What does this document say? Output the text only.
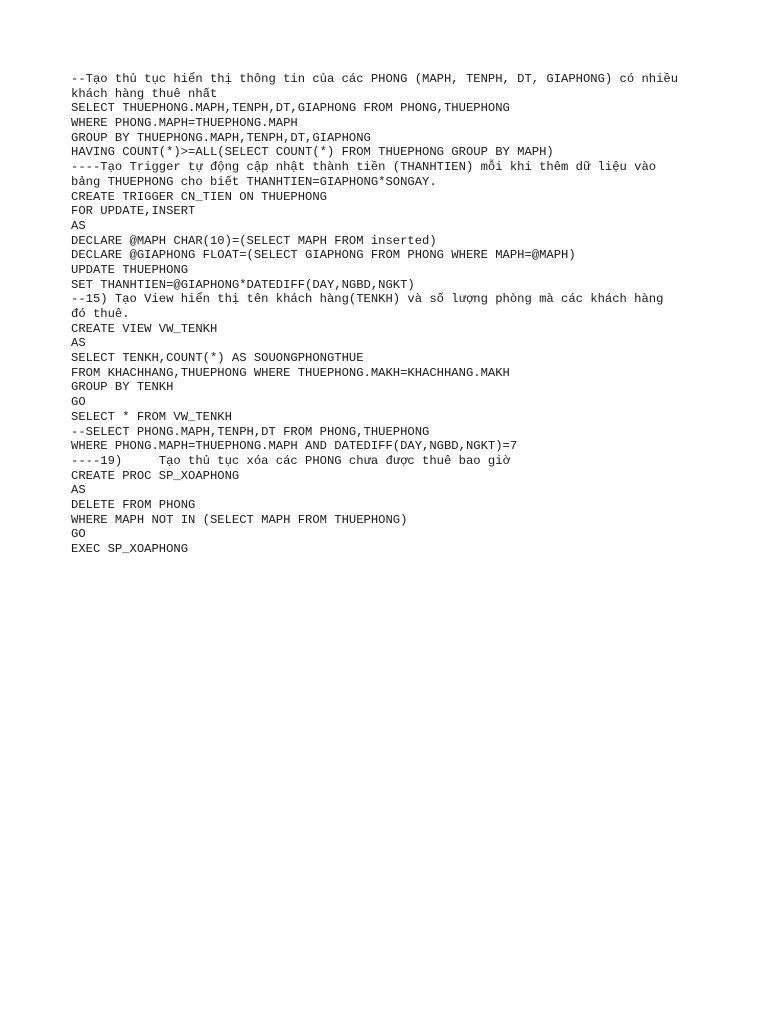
--Tạo thủ tục hiển thị thông tin của các PHONG (MAPH, TENPH, DT, GIAPHONG) có nhiều
khách hàng thuê nhất
SELECT THUEPHONG.MAPH,TENPH,DT,GIAPHONG FROM PHONG,THUEPHONG
WHERE PHONG.MAPH=THUEPHONG.MAPH
GROUP BY THUEPHONG.MAPH,TENPH,DT,GIAPHONG
HAVING COUNT(*)>=ALL(SELECT COUNT(*) FROM THUEPHONG GROUP BY MAPH)
----Tạo Trigger tự động cập nhật thành tiền (THANHTIEN) mỗi khi thêm dữ liệu vào
bảng THUEPHONG cho biết THANHTIEN=GIAPHONG*SONGAY.
CREATE TRIGGER CN_TIEN ON THUEPHONG
FOR UPDATE,INSERT
AS
DECLARE @MAPH CHAR(10)=(SELECT MAPH FROM inserted)
DECLARE @GIAPHONG FLOAT=(SELECT GIAPHONG FROM PHONG WHERE MAPH=@MAPH)
UPDATE THUEPHONG
SET THANHTIEN=@GIAPHONG*DATEDIFF(DAY,NGBD,NGKT)
--15) Tạo View hiển thị tên khách hàng(TENKH) và số lượng phòng mà các khách hàng
đó thuê.
CREATE VIEW VW_TENKH
AS
SELECT TENKH,COUNT(*) AS SOUONGPHONGTHUE
FROM KHACHHANG,THUEPHONG WHERE THUEPHONG.MAKH=KHACHHANG.MAKH
GROUP BY TENKH
GO
SELECT * FROM VW_TENKH
--SELECT PHONG.MAPH,TENPH,DT FROM PHONG,THUEPHONG
WHERE PHONG.MAPH=THUEPHONG.MAPH AND DATEDIFF(DAY,NGBD,NGKT)=7
----19)     Tạo thủ tục xóa các PHONG chưa được thuê bao giờ
CREATE PROC SP_XOAPHONG
AS
DELETE FROM PHONG
WHERE MAPH NOT IN (SELECT MAPH FROM THUEPHONG)
GO
EXEC SP_XOAPHONG
